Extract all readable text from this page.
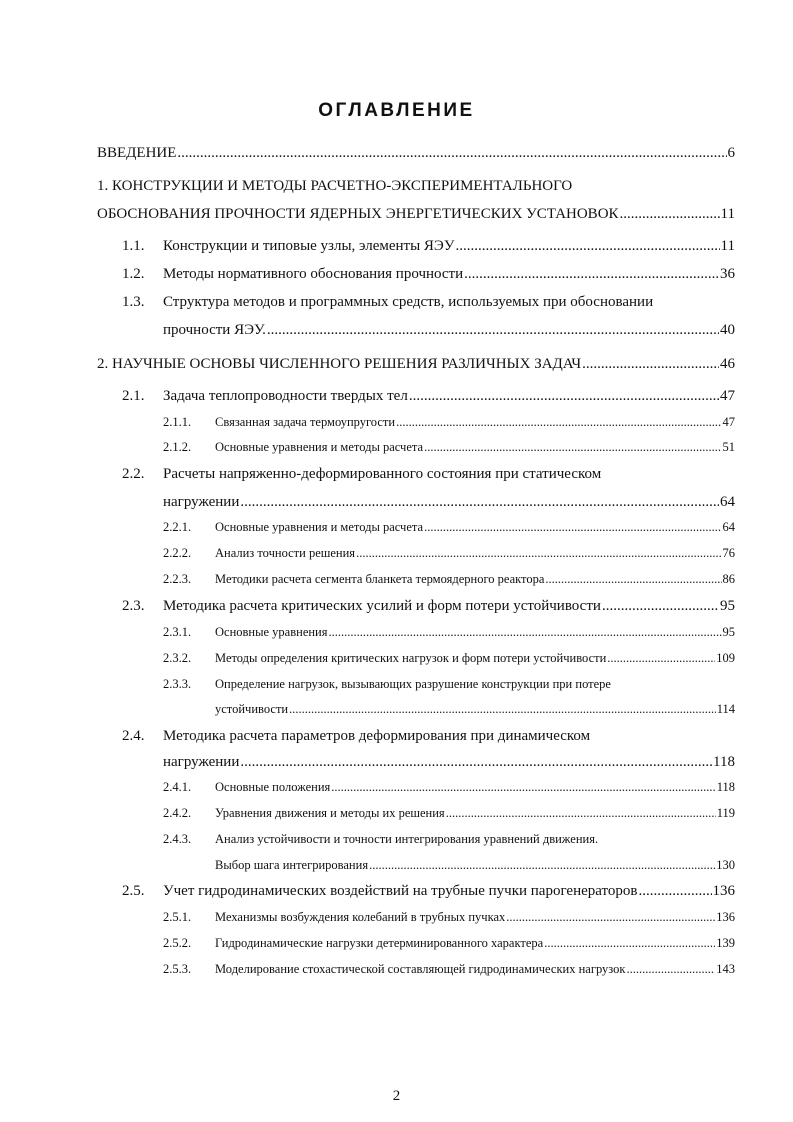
ОГЛАВЛЕНИЕ
ВВЕДЕНИЕ .....	6
1. КОНСТРУКЦИИ И МЕТОДЫ РАСЧЕТНО-ЭКСПЕРИМЕНТАЛЬНОГО
ОБОСНОВАНИЯ ПРОЧНОСТИ ЯДЕРНЫХ ЭНЕРГЕТИЧЕСКИХ УСТАНОВОК .....	11
1.1.	Конструкции и типовые узлы, элементы ЯЭУ .....	11
1.2.	Методы нормативного обоснования прочности .....	36
1.3.	Структура методов и программных средств, используемых при обосновании
прочности ЯЭУ. .....	40
2. НАУЧНЫЕ ОСНОВЫ ЧИСЛЕННОГО РЕШЕНИЯ РАЗЛИЧНЫХ ЗАДАЧ .....	46
2.1.	Задача теплопроводности твердых тел .....	47
2.1.1.	Связанная задача термоупругости .....	47
2.1.2.	Основные уравнения и методы расчета .....	51
2.2.	Расчеты напряженно-деформированного состояния при статическом
нагружении .....	64
2.2.1.	Основные уравнения и методы расчета .....	64
2.2.2.	Анализ точности решения .....	76
2.2.3.	Методики расчета сегмента бланкета термоядерного реактора .....	86
2.3.	Методика расчета критических усилий и форм потери устойчивости .....	95
2.3.1.	Основные уравнения .....	95
2.3.2.	Методы определения критических нагрузок и форм потери устойчивости .....	109
2.3.3.	Определение нагрузок, вызывающих разрушение конструкции при потере
устойчивости .....	114
2.4.	Методика расчета параметров деформирования при динамическом
нагружении .....	118
2.4.1.	Основные положения .....	118
2.4.2.	Уравнения движения и методы их решения .....	119
2.4.3.	Анализ устойчивости и точности интегрирования уравнений движения.
Выбор шага интегрирования .....	130
2.5.	Учет гидродинамических воздействий на трубные пучки парогенераторов .....	136
2.5.1.	Механизмы возбуждения колебаний в трубных пучках .....	136
2.5.2.	Гидродинамические нагрузки детерминированного характера .....	139
2.5.3.	Моделирование стохастической составляющей гидродинамических нагрузок .....	143
2
